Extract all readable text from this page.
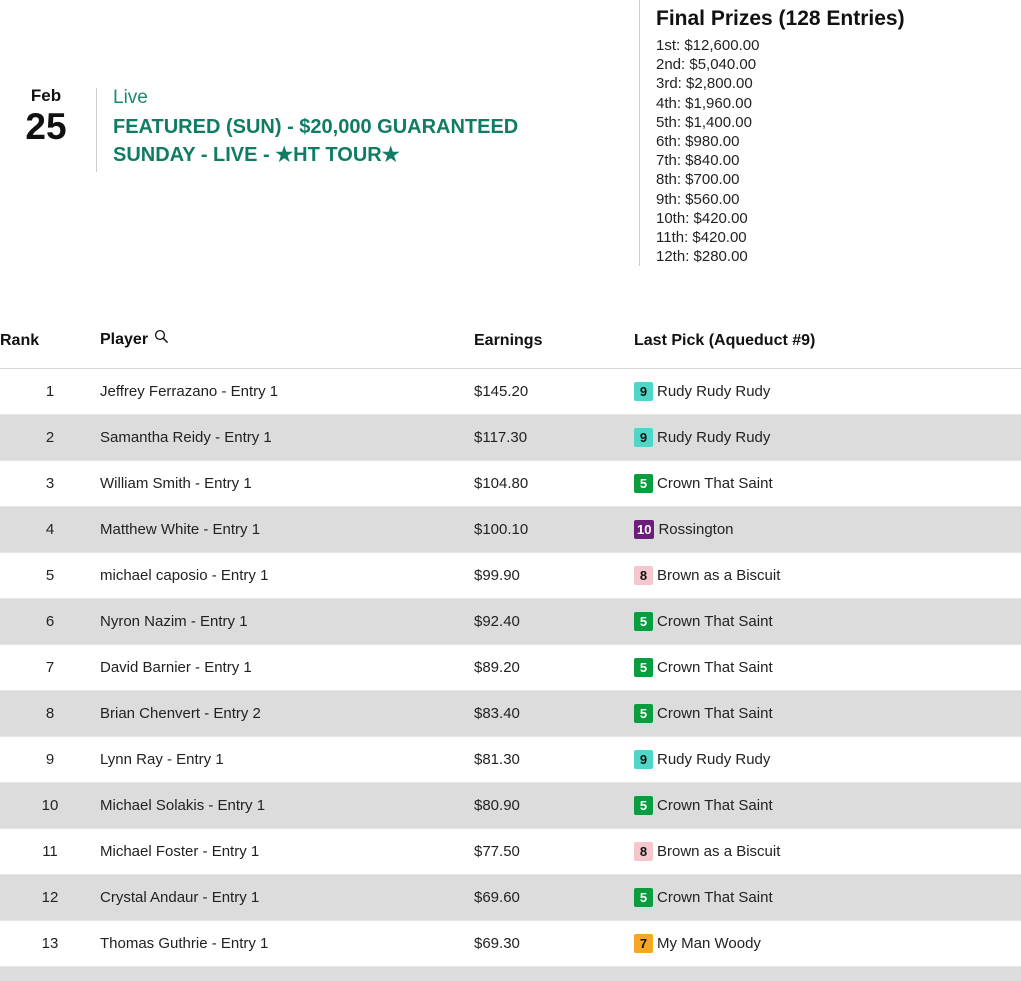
Feb
25
Live
FEATURED (SUN) - $20,000 GUARANTEED
SUNDAY - LIVE - ★HT TOUR★
Final Prizes (128 Entries)
1st: $12,600.00
2nd: $5,040.00
3rd: $2,800.00
4th: $1,960.00
5th: $1,400.00
6th: $980.00
7th: $840.00
8th: $700.00
9th: $560.00
10th: $420.00
11th: $420.00
12th: $280.00
Rank	Player	Earnings	Last Pick (Aqueduct #9)
1	Jeffrey Ferrazano - Entry 1	$145.20	9 Rudy Rudy Rudy

2	Samantha Reidy - Entry 1	$117.30	9 Rudy Rudy Rudy

3	William Smith - Entry 1	$104.80	5 Crown That Saint

4	Matthew White - Entry 1	$100.10	10 Rossington

5	michael caposio - Entry 1	$99.90	8 Brown as a Biscuit

6	Nyron Nazim - Entry 1	$92.40	5 Crown That Saint

7	David Barnier - Entry 1	$89.20	5 Crown That Saint

8	Brian Chenvert - Entry 2	$83.40	5 Crown That Saint

9	Lynn Ray - Entry 1	$81.30	9 Rudy Rudy Rudy

10	Michael Solakis - Entry 1	$80.90	5 Crown That Saint

11	Michael Foster - Entry 1	$77.50	8 Brown as a Biscuit

12	Crystal Andaur - Entry 1	$69.60	5 Crown That Saint

13	Thomas Guthrie - Entry 1	$69.30	7 My Man Woody
